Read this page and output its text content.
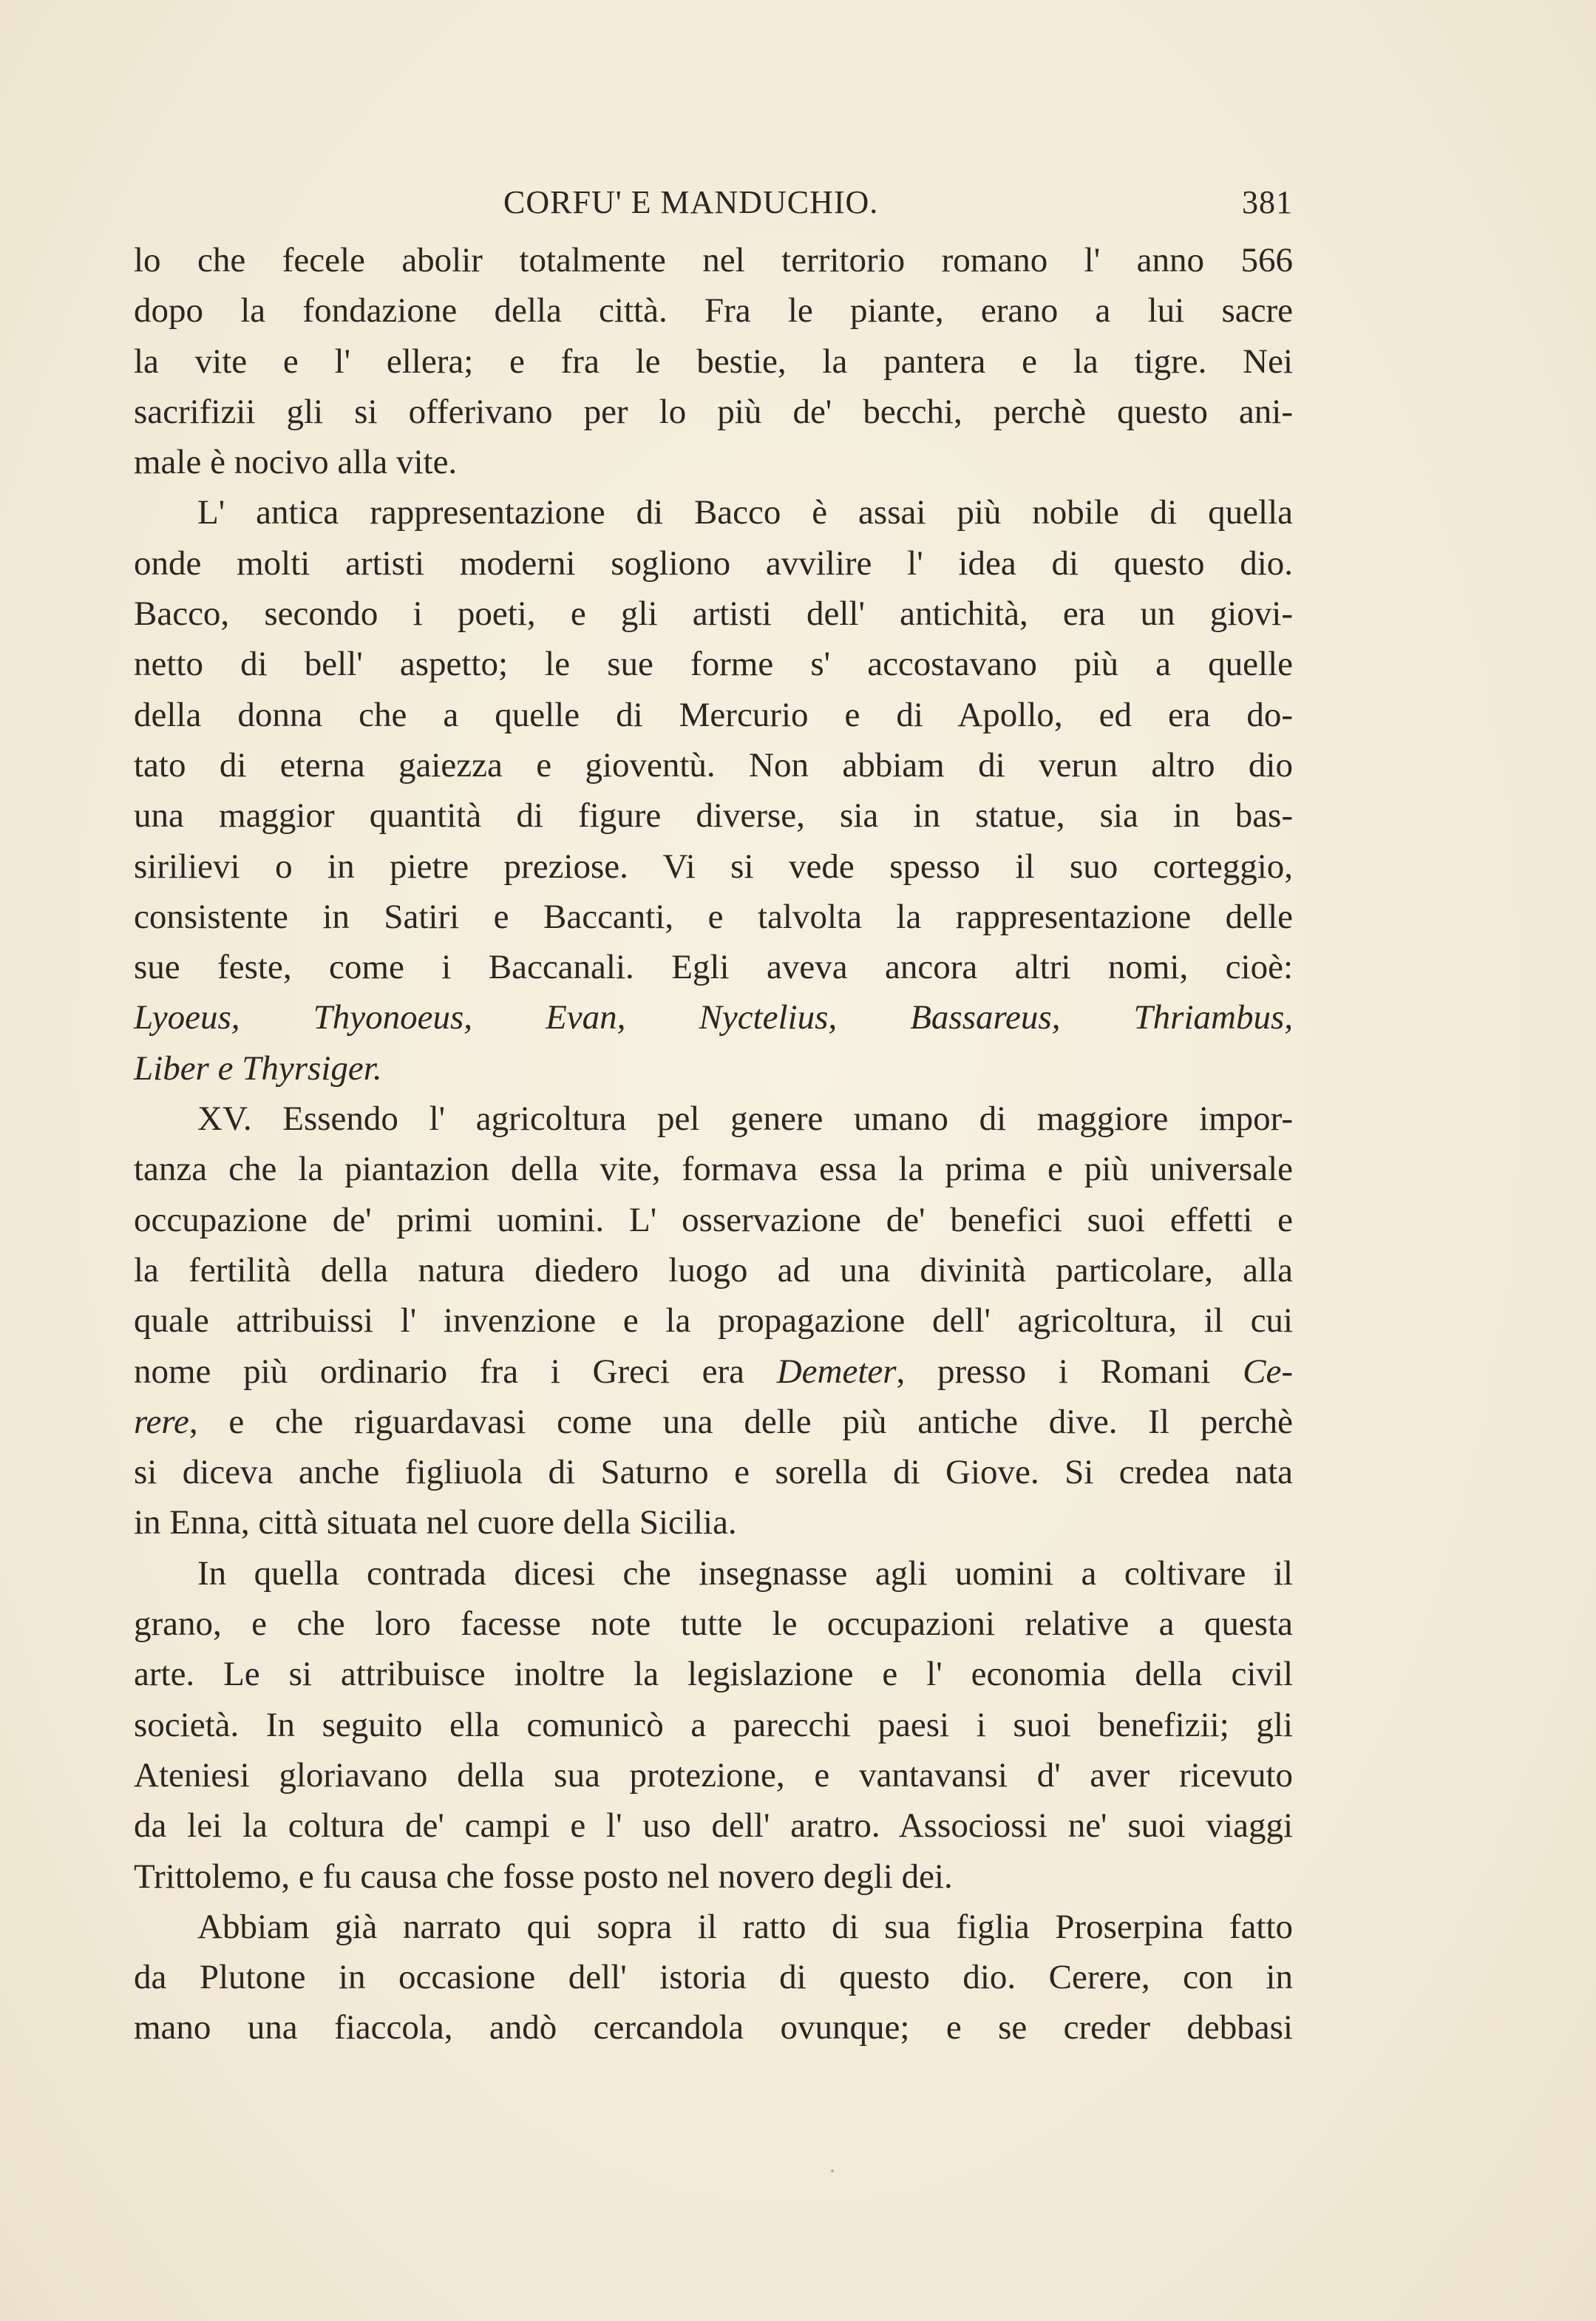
CORFU' E MANDUCHIO.	381
lo che fecele abolir totalmente nel territorio romano l' anno 566
dopo la fondazione della città. Fra le piante, erano a lui sacre
la vite e l' ellera; e fra le bestie, la pantera e la tigre. Nei
sacrifizii gli si offerivano per lo più de' becchi, perchè questo ani-
male è nocivo alla vite.
L' antica rappresentazione di Bacco è assai più nobile di quella
onde molti artisti moderni sogliono avvilire l' idea di questo dio.
Bacco, secondo i poeti, e gli artisti dell' antichità, era un giovi-
netto di bell' aspetto; le sue forme s' accostavano più a quelle
della donna che a quelle di Mercurio e di Apollo, ed era do-
tato di eterna gaiezza e gioventù. Non abbiam di verun altro dio
una maggior quantità di figure diverse, sia in statue, sia in bas-
sirilievi o in pietre preziose. Vi si vede spesso il suo corteggio,
consistente in Satiri e Baccanti, e talvolta la rappresentazione delle
sue feste, come i Baccanali. Egli aveva ancora altri nomi, cioè:
Lyoeus, Thyonoeus, Evan, Nyctelius, Bassareus, Thriambus,
Liber e Thyrsiger.
XV. Essendo l' agricoltura pel genere umano di maggiore impor-
tanza che la piantazion della vite, formava essa la prima e più universale
occupazione de' primi uomini. L' osservazione de' benefici suoi effetti e
la fertilità della natura diedero luogo ad una divinità particolare, alla
quale attribuissi l' invenzione e la propagazione dell' agricoltura, il cui
nome più ordinario fra i Greci era Demeter, presso i Romani Ce-
rere, e che riguardavasi come una delle più antiche dive. Il perchè
si diceva anche figliuola di Saturno e sorella di Giove. Si credea nata
in Enna, città situata nel cuore della Sicilia.
In quella contrada dicesi che insegnasse agli uomini a coltivare il
grano, e che loro facesse note tutte le occupazioni relative a questa
arte. Le si attribuisce inoltre la legislazione e l' economia della civil
società. In seguito ella comunicò a parecchi paesi i suoi benefizii; gli
Ateniesi gloriavano della sua protezione, e vantavansi d' aver ricevuto
da lei la coltura de' campi e l' uso dell' aratro. Associossi ne' suoi viaggi
Trittolemo, e fu causa che fosse posto nel novero degli dei.
Abbiam già narrato qui sopra il ratto di sua figlia Proserpina fatto
da Plutone in occasione dell' istoria di questo dio. Cerere, con in
mano una fiaccola, andò cercandola ovunque; e se creder debbasi
